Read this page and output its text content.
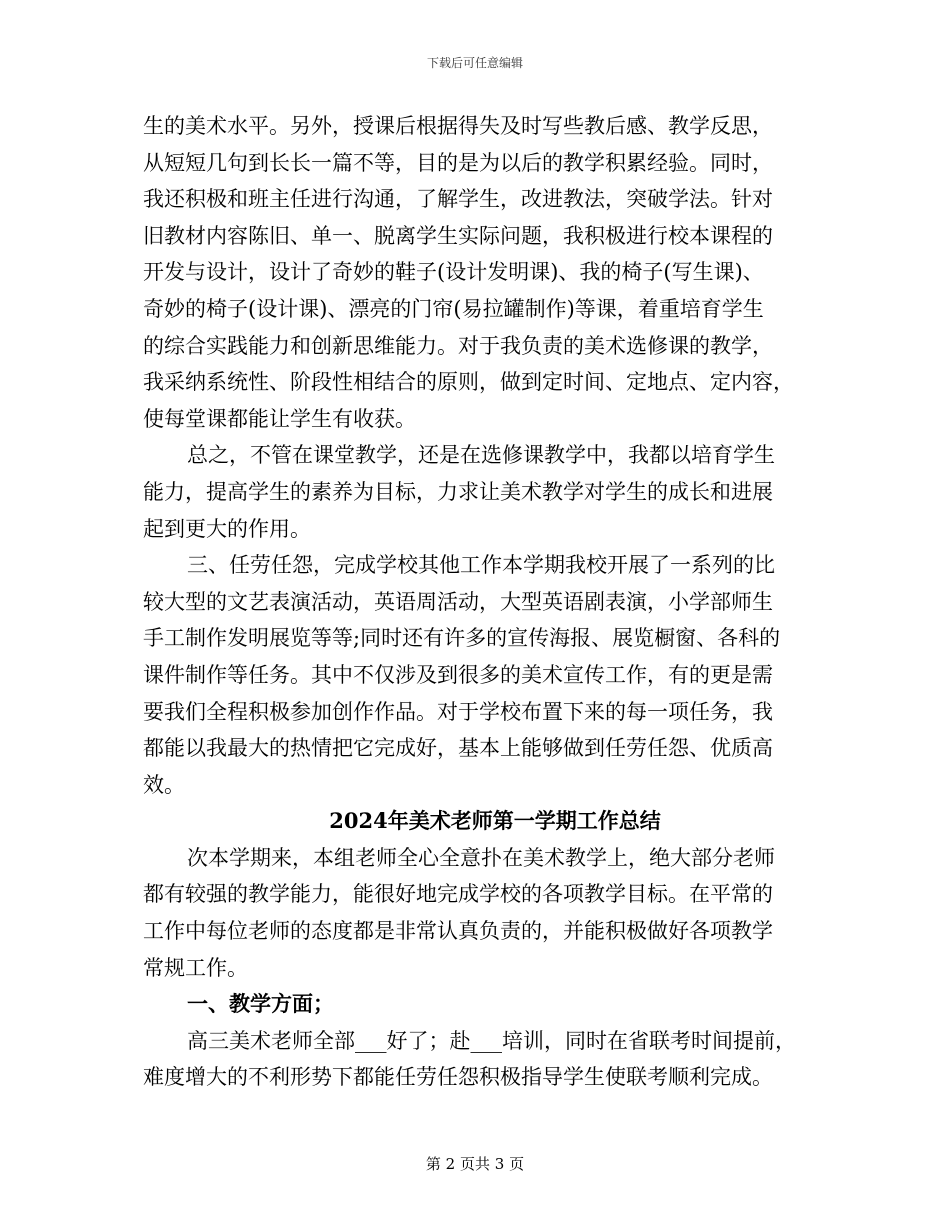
下载后可任意编辑
生的美术水平。另外，授课后根据得失及时写些教后感、教学反思，
从短短几句到长长一篇不等，目的是为以后的教学积累经验。同时，
我还积极和班主任进行沟通，了解学生，改进教法，突破学法。针对
旧教材内容陈旧、单一、脱离学生实际问题，我积极进行校本课程的
开发与设计，设计了奇妙的鞋子(设计发明课)、我的椅子(写生课)、
奇妙的椅子(设计课)、漂亮的门帘(易拉罐制作)等课，着重培育学生
的综合实践能力和创新思维能力。对于我负责的美术选修课的教学，
我采纳系统性、阶段性相结合的原则，做到定时间、定地点、定内容，
使每堂课都能让学生有收获。
总之，不管在课堂教学，还是在选修课教学中，我都以培育学生
能力，提高学生的素养为目标，力求让美术教学对学生的成长和进展
起到更大的作用。
三、任劳任怨，完成学校其他工作本学期我校开展了一系列的比
较大型的文艺表演活动，英语周活动，大型英语剧表演，小学部师生
手工制作发明展览等等;同时还有许多的宣传海报、展览橱窗、各科的
课件制作等任务。其中不仅涉及到很多的美术宣传工作，有的更是需
要我们全程积极参加创作作品。对于学校布置下来的每一项任务，我
都能以我最大的热情把它完成好，基本上能够做到任劳任怨、优质高
效。
2024年美术老师第一学期工作总结
次本学期来，本组老师全心全意扑在美术教学上，绝大部分老师
都有较强的教学能力，能很好地完成学校的各项教学目标。在平常的
工作中每位老师的态度都是非常认真负责的，并能积极做好各项教学
常规工作。
一、教学方面；
高三美术老师全部___好了；赴___培训，同时在省联考时间提前，
难度增大的不利形势下都能任劳任怨积极指导学生使联考顺利完成。
第 2 页共 3 页
